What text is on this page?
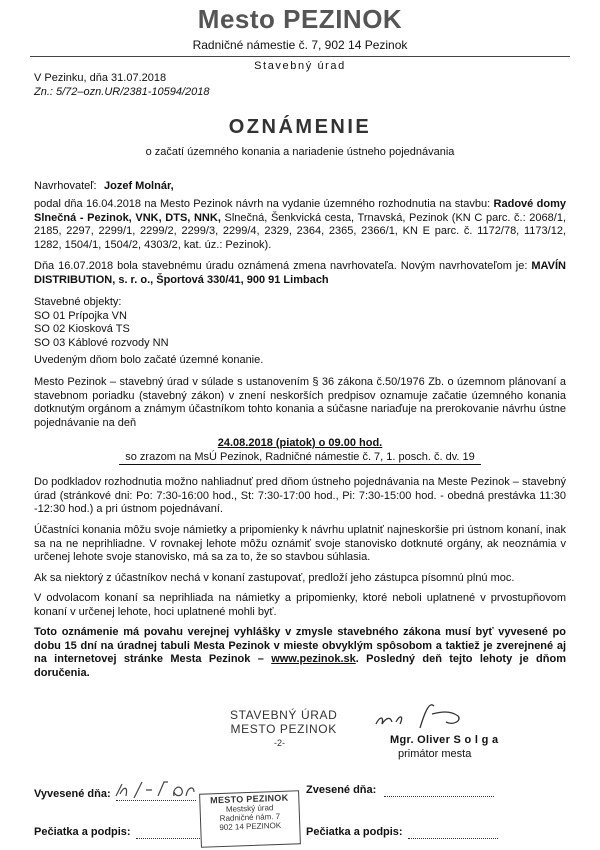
Mesto PEZINOK
Radničné námestie č. 7, 902 14 Pezinok
Stavebný úrad
V Pezinku, dňa 31.07.2018
Zn.: 5/72–ozn.UR/2381-10594/2018
OZNÁMENIE
o začatí územného konania a nariadenie ústneho pojednávania
Navrhovateľ: Jozef Molnár,
podal dňa 16.04.2018 na Mesto Pezinok návrh na vydanie územného rozhodnutia na stavbu: Radové domy Slnečná - Pezinok, VNK, DTS, NNK, Slnečná, Šenkvická cesta, Trnavská, Pezinok (KN C parc. č.: 2068/1, 2185, 2297, 2299/1, 2299/2, 2299/3, 2299/4, 2329, 2364, 2365, 2366/1, KN E parc. č. 1172/78, 1173/12, 1282, 1504/1, 1504/2, 4303/2, kat. úz.: Pezinok).
Dňa 16.07.2018 bola stavebnému úradu oznámená zmena navrhovateľa. Novým navrhovateľom je: MAVÍN DISTRIBUTION, s. r. o., Športová 330/41, 900 91 Limbach
Stavebné objekty:
SO 01 Prípojka VN
SO 02 Kiosková TS
SO 03 Káblové rozvody NN
Uvedeným dňom bolo začaté územné konanie.
Mesto Pezinok – stavebný úrad v súlade s ustanovením § 36 zákona č.50/1976 Zb. o územnom plánovaní a stavebnom poriadku (stavebný zákon) v znení neskorších predpisov oznamuje začatie územného konania dotknutým orgánom a známym účastníkom tohto konania a súčasne nariaďuje na prerokovanie návrhu ústne pojednávanie na deň
24.08.2018 (piatok) o 09.00 hod.
so zrazom na MsÚ Pezinok, Radničné námestie č. 7, 1. posch. č. dv. 19
Do podkladov rozhodnutia možno nahliadnuť pred dňom ústneho pojednávania na Meste Pezinok – stavebný úrad (stránkové dni: Po: 7:30-16:00 hod., St: 7:30-17:00 hod., Pi: 7:30-15:00 hod. - obedná prestávka 11:30 -12:30 hod.) a pri ústnom pojednávaní.
Účastníci konania môžu svoje námietky a pripomienky k návrhu uplatniť najneskoršie pri ústnom konaní, inak sa na ne neprihliadne. V rovnakej lehote môžu oznámiť svoje stanovisko dotknuté orgány, ak neoznámia v určenej lehote svoje stanovisko, má sa za to, že so stavbou súhlasia.
Ak sa niektorý z účastníkov nechá v konaní zastupovať, predloží jeho zástupca písomnú plnú moc.
V odvolacom konaní sa neprihliada na námietky a pripomienky, ktoré neboli uplatnené v prvostupňovom konaní v určenej lehote, hoci uplatnené mohli byť.
Toto oznámenie má povahu verejnej vyhlášky v zmysle stavebného zákona musí byť vyvesené po dobu 15 dní na úradnej tabuli Mesta Pezinok v mieste obvyklým spôsobom a taktiež je zverejnené aj na internetovej stránke Mesta Pezinok – www.pezinok.sk. Posledný deň tejto lehoty je dňom doručenia.
STAVEBNÝ ÚRAD
MESTO PEZINOK
-2-	Mgr. Oliver S o l g a
primátor mesta
Vyvesené dňa:	Zvesené dňa:
Pečiatka a podpis:	Pečiatka a podpis:
MESTO PEZINOK
Mestský úrad
Radničné nám. 7
902 14 PEZINOK
